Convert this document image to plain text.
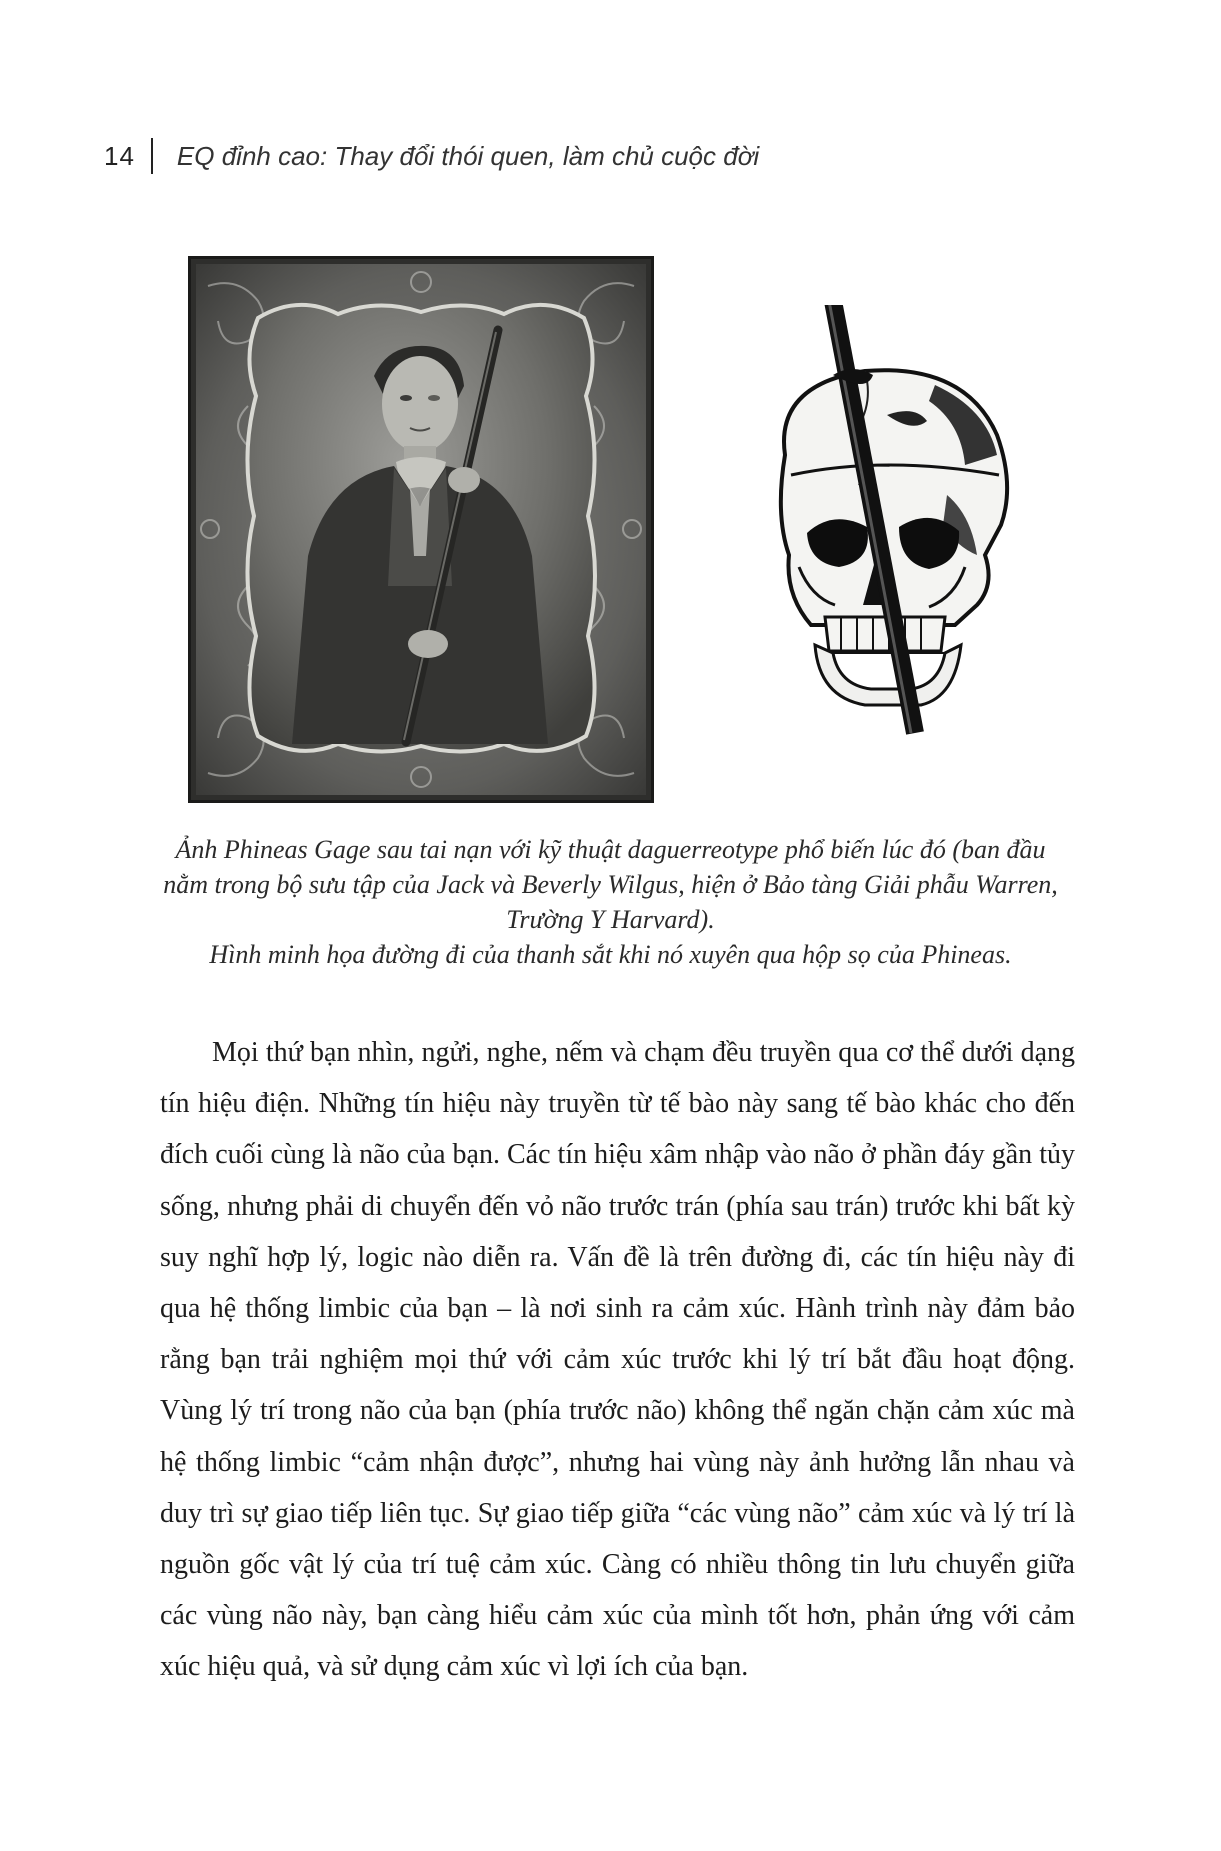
14 EQ đỉnh cao: Thay đổi thói quen, làm chủ cuộc đời

Ảnh Phineas Gage sau tai nạn với kỹ thuật daguerreotype phổ biến lúc đó (ban đầu nằm trong bộ sưu tập của Jack và Beverly Wilgus, hiện ở Bảo tàng Giải phẫu Warren, Trường Y Harvard).

Hình minh họa đường đi của thanh sắt khi nó xuyên qua hộp sọ của Phineas.

Mọi thứ bạn nhìn, ngửi, nghe, nếm và chạm đều truyền qua cơ thể dưới dạng tín hiệu điện. Những tín hiệu này truyền từ tế bào này sang tế bào khác cho đến đích cuối cùng là não của bạn. Các tín hiệu xâm nhập vào não ở phần đáy gần tủy sống, nhưng phải di chuyển đến vỏ não trước trán (phía sau trán) trước khi bất kỳ suy nghĩ hợp lý, logic nào diễn ra. Vấn đề là trên đường đi, các tín hiệu này đi qua hệ thống limbic của bạn – là nơi sinh ra cảm xúc. Hành trình này đảm bảo rằng bạn trải nghiệm mọi thứ với cảm xúc trước khi lý trí bắt đầu hoạt động. Vùng lý trí trong não của bạn (phía trước não) không thể ngăn chặn cảm xúc mà hệ thống limbic “cảm nhận được”, nhưng hai vùng này ảnh hưởng lẫn nhau và duy trì sự giao tiếp liên tục. Sự giao tiếp giữa “các vùng não” cảm xúc và lý trí là nguồn gốc vật lý của trí tuệ cảm xúc. Càng có nhiều thông tin lưu chuyển giữa các vùng não này, bạn càng hiểu cảm xúc của mình tốt hơn, phản ứng với cảm xúc hiệu quả, và sử dụng cảm xúc vì lợi ích của bạn.
